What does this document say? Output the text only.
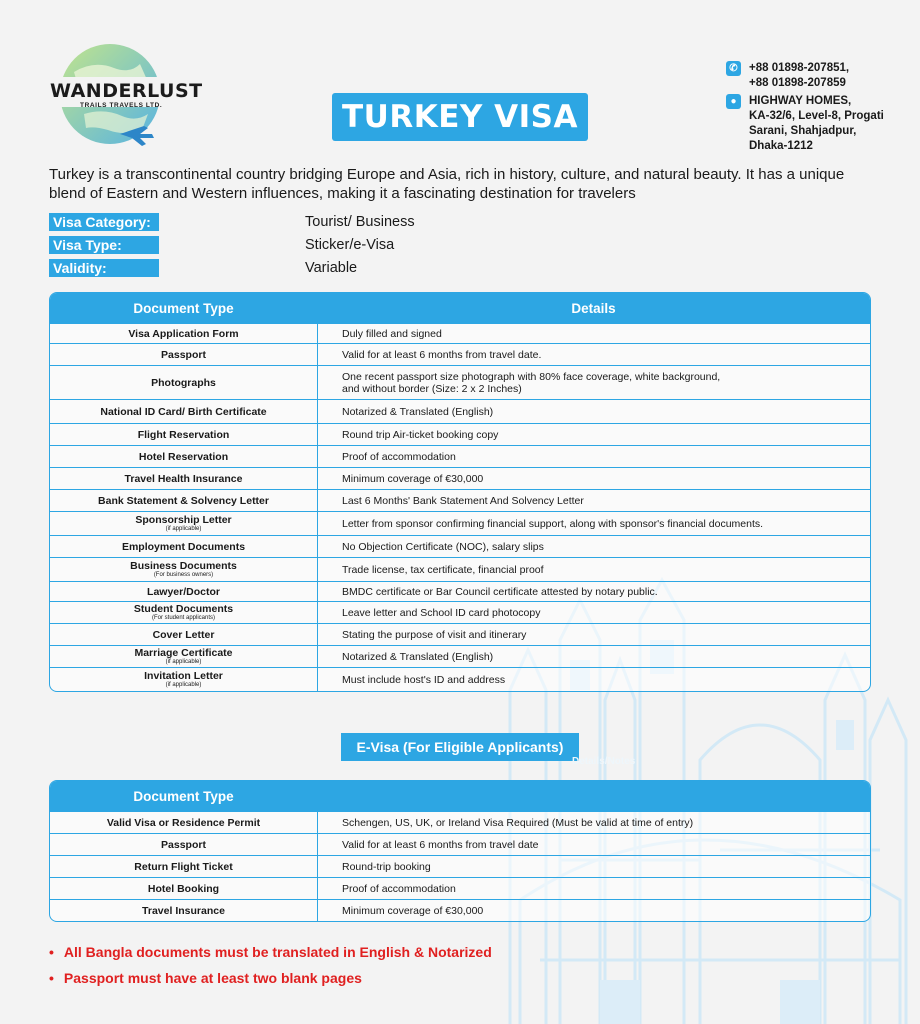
WANDERLUST
TRAILS TRAVELS LTD.	TURKEY VISA
✆ +88 01898-207851,
+88 01898-207859
●	HIGHWAY HOMES,
KA-32/6, Level-8, Progati
Sarani, Shahjadpur,
Dhaka-1212

Turkey is a transcontinental country bridging Europe and Asia, rich in history, culture, and natural beauty. It has a unique blend of Eastern and Western influences, making it a fascinating destination for travelers

Visa Category:	Tourist/ Business
Visa Type:	Sticker/e-Visa
Validity:	Variable
Document Type	Details
Visa Application Form	Duly filled and signed
Passport	Valid for at least 6 months from travel date.
Photographs	One recent passport size photograph with 80% face coverage, white background,
and without border (Size: 2 x 2 Inches)
National ID Card/ Birth Certificate	Notarized & Translated (English)
Flight Reservation	Round trip Air-ticket booking copy
Hotel Reservation	Proof of accommodation
Travel Health Insurance	Minimum coverage of €30,000
Bank Statement & Solvency Letter	Last 6 Months' Bank Statement And Solvency Letter
Sponsorship Letter
(if applicable)	Letter from sponsor confirming financial support, along with sponsor's financial documents.
Employment Documents	No Objection Certificate (NOC), salary slips
Business Documents
(For business owners)	Trade license, tax certificate, financial proof
Lawyer/Doctor	BMDC certificate or Bar Council certificate attested by notary public.
Student Documents
(For student applicants)	Leave letter and School ID card photocopy
Cover Letter	Stating the purpose of visit and itinerary
Marriage Certificate
(if applicable)	Notarized & Translated (English)
Invitation Letter
(if applicable)	Must include host's ID and address
E-Visa (For Eligible Applicants)
Details/Notes
Document Type
Valid Visa or Residence Permit	Schengen, US, UK, or Ireland Visa Required (Must be valid at time of entry)
Passport	Valid for at least 6 months from travel date
Return Flight Ticket	Round-trip booking
Hotel Booking	Proof of accommodation
Travel Insurance	Minimum coverage of €30,000
• All Bangla documents must be translated in English & Notarized
• Passport must have at least two blank pages
